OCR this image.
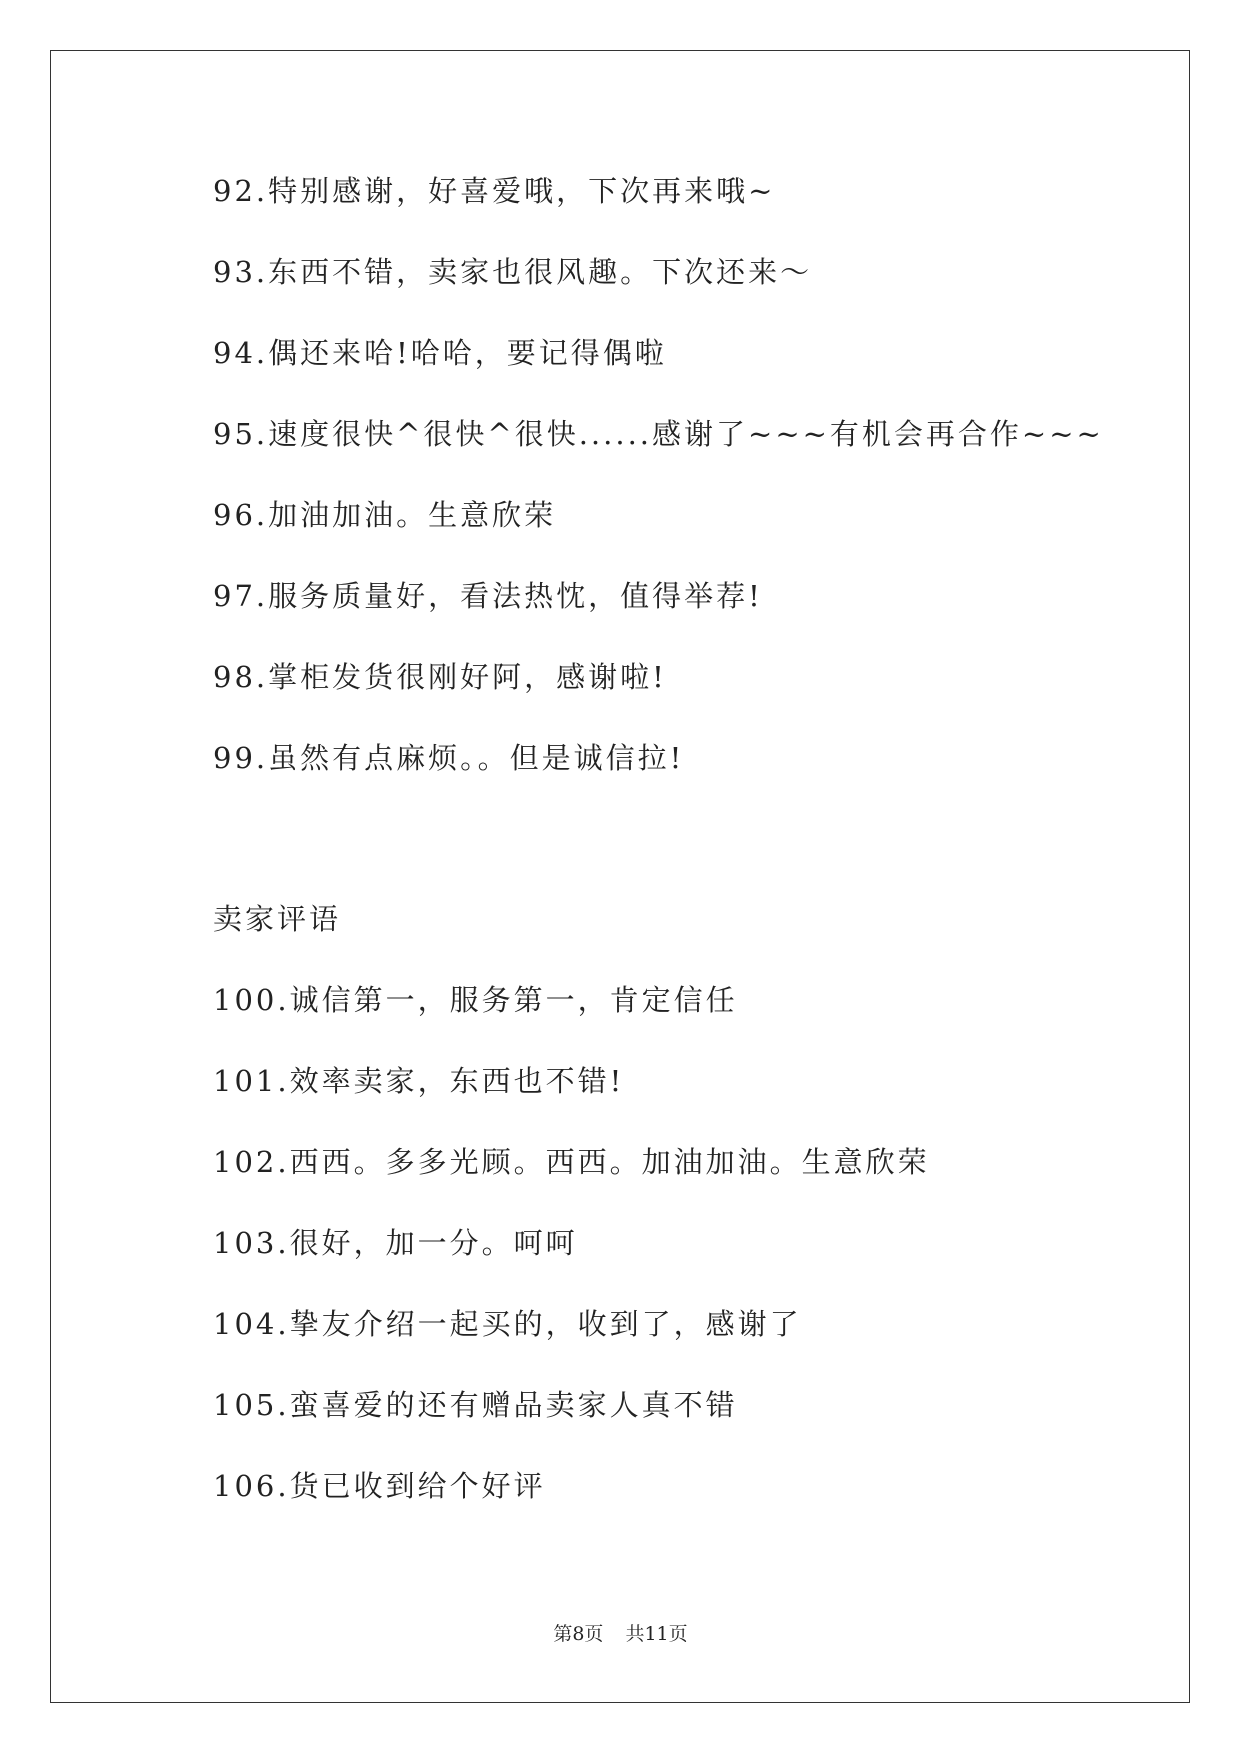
92.特别感谢，好喜爱哦，下次再来哦~
93.东西不错，卖家也很风趣。下次还来～
94.偶还来哈!哈哈，要记得偶啦
95.速度很快^很快^很快......感谢了~~~有机会再合作~~~
96.加油加油。生意欣荣
97.服务质量好，看法热忱，值得举荐!
98.掌柜发货很刚好阿，感谢啦!
99.虽然有点麻烦。。但是诚信拉!
卖家评语
100.诚信第一，服务第一，肯定信任
101.效率卖家，东西也不错!
102.西西。多多光顾。西西。加油加油。生意欣荣
103.很好，加一分。呵呵
104.挚友介绍一起买的，收到了，感谢了
105.蛮喜爱的还有赠品卖家人真不错
106.货已收到给个好评
第8页 共11页
